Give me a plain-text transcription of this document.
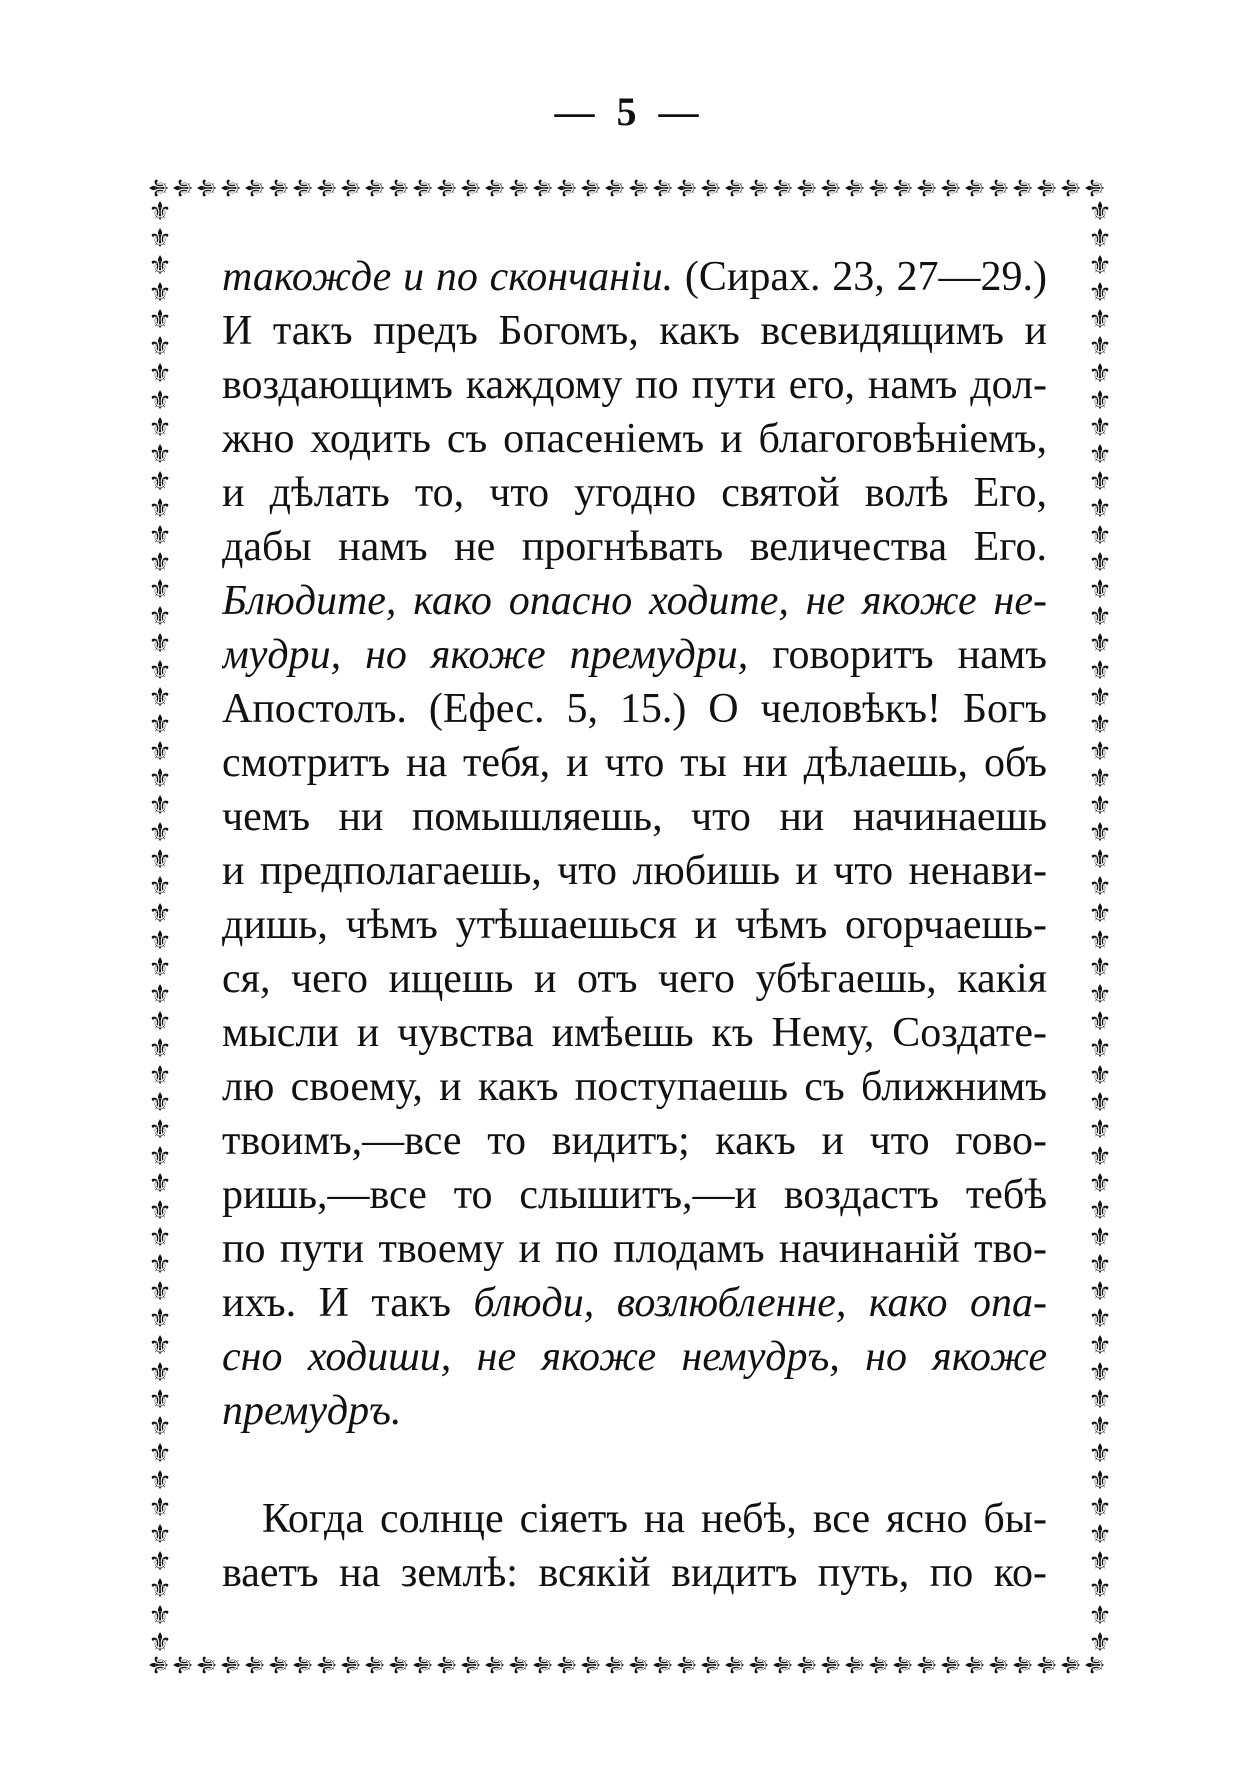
— 5 —
⚜
⚜
⚜
⚜
⚜
⚜
⚜
⚜
⚜
⚜
⚜
⚜
⚜
⚜
⚜
⚜
⚜
⚜
⚜
⚜
⚜
⚜
⚜
⚜
⚜
⚜
⚜
⚜
⚜
⚜
⚜
⚜
⚜
⚜
⚜
⚜
⚜
⚜
⚜
⚜
⚜
⚜
⚜
⚜
⚜
⚜
⚜
⚜
⚜
⚜
⚜
⚜
⚜
⚜
⚜
⚜
⚜
⚜
⚜
⚜
⚜
⚜
⚜
⚜
⚜
⚜
⚜
⚜
⚜
⚜
⚜
⚜
⚜
⚜
⚜
⚜
⚜
⚜
⚜
⚜
⚜	⚜
⚜	⚜
⚜	⚜
⚜	⚜
⚜	⚜
⚜	⚜
⚜	⚜
⚜	⚜
⚜	⚜
⚜	⚜
⚜	⚜
⚜	⚜
⚜	⚜
⚜	⚜
⚜	⚜
⚜	⚜
⚜	⚜
⚜	⚜
⚜	⚜
⚜	⚜
⚜	⚜
⚜	⚜
⚜	⚜
⚜	⚜
⚜	⚜
⚜	⚜
⚜	⚜
⚜	⚜
⚜	⚜
⚜	⚜
⚜	⚜
⚜	⚜
⚜	⚜
⚜	⚜
⚜	⚜
⚜	⚜
⚜	⚜
⚜	⚜
⚜	⚜
⚜	⚜
⚜	⚜
⚜	⚜
⚜	⚜
⚜	⚜
⚜	⚜
⚜	⚜
⚜	⚜
⚜	⚜
⚜	⚜
⚜	⚜
⚜	⚜
⚜	⚜
⚜	⚜
⚜	⚜
такожде и по скончанiи. (Сирах. 23, 27—29.)
И такъ предъ Богомъ, какъ всевидящимъ и
воздающимъ каждому по пути его, намъ дол-
жно ходить съ опасенiемъ и благоговѣнiемъ,
и дѣлать то, что угодно святой волѣ Его,
дабы намъ не прогнѣвать величества Его.
Блюдите, како опасно ходите, не якоже не-
мудри, но якоже премудри, говоритъ намъ
Апостолъ. (Ефес. 5, 15.) О человѣкъ! Богъ
смотритъ на тебя, и что ты ни дѣлаешь, объ
чемъ ни помышляешь, что ни начинаешь
и предполагаешь, что любишь и что ненави-
дишь, чѣмъ утѣшаешься и чѣмъ огорчаешь-
ся, чего ищешь и отъ чего убѣгаешь, какiя
мысли и чувства имѣешь къ Нему, Создате-
лю своему, и какъ поступаешь съ ближнимъ
твоимъ,—все то видитъ; какъ и что гово-
ришь,—все то слышитъ,—и воздастъ тебѣ
по пути твоему и по плодамъ начинанiй тво-
ихъ. И такъ блюди, возлюбленне, како опа-
сно ходиши, не якоже немудръ, но якоже
премудръ.
Когда солнце сiяетъ на небѣ, все ясно бы-
ваетъ на землѣ: всякiй видитъ путь, по ко-
